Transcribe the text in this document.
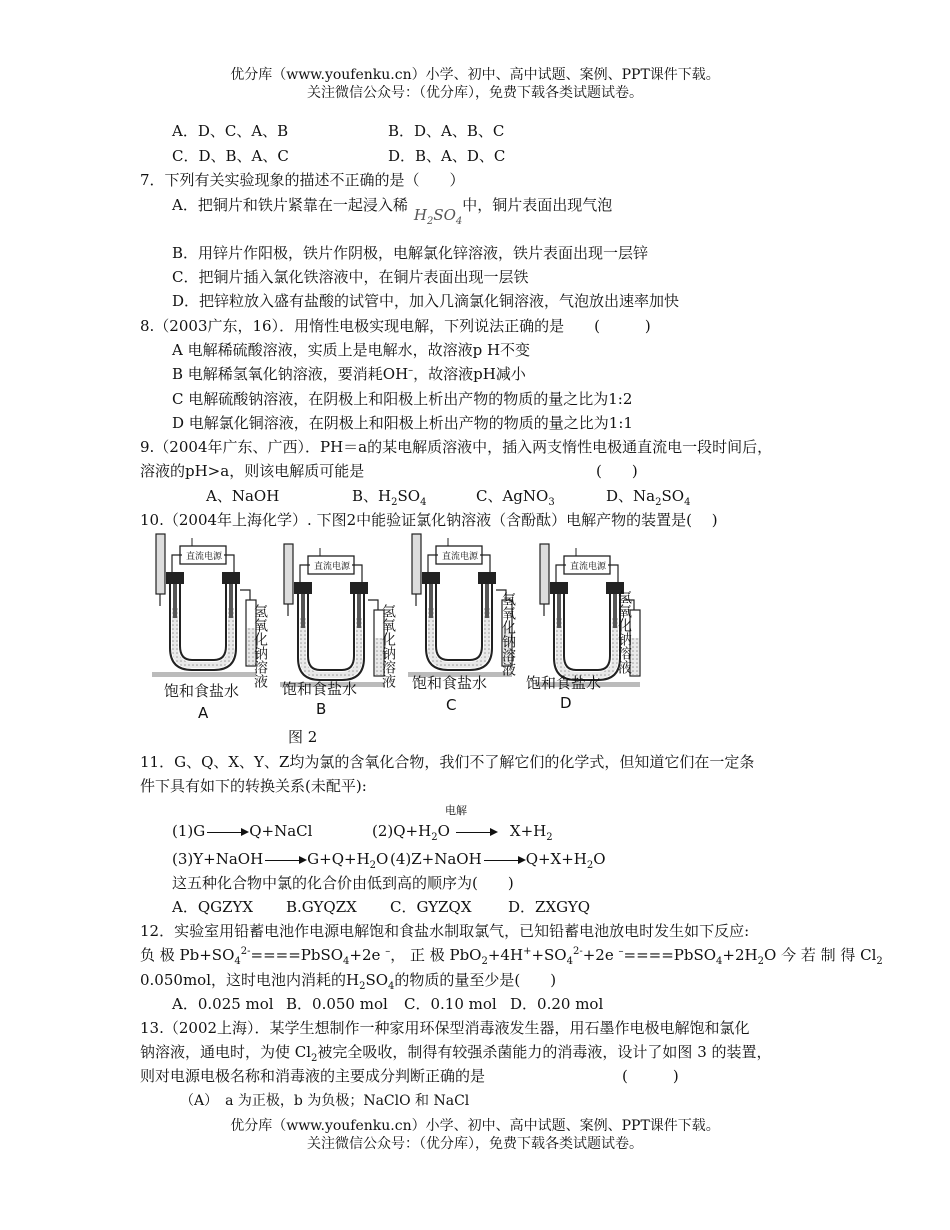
优分库（www.youfenku.cn）小学、初中、高中试题、案例、PPT课件下载。
关注微信公众号：（优分库），免费下载各类试题试卷。
A．D、C、A、B	B．D、A、B、C
C．D、B、A、C	D．B、A、D、C
7．下列有关实验现象的描述不正确的是（　　）
A．把铜片和铁片紧靠在一起浸入稀$H_2SO_4$中，铜片表面出现气泡
B．用锌片作阳极，铁片作阴极，电解氯化锌溶液，铁片表面出现一层锌
C．把铜片插入氯化铁溶液中，在铜片表面出现一层铁
D．把锌粒放入盛有盐酸的试管中，加入几滴氯化铜溶液，气泡放出速率加快
8.（2003广东，16）．用惰性电极实现电解，下列说法正确的是　　(　　　)
A 电解稀硫酸溶液，实质上是电解水，故溶液p H不变
B 电解稀氢氧化钠溶液，要消耗OH–，故溶液pH减小
C 电解硫酸钠溶液，在阴极上和阳极上析出产物的物质的量之比为1:2
D 电解氯化铜溶液，在阴极上和阳极上析出产物的物质的量之比为1:1
9.（2004年广东、广西）．PH＝a的某电解质溶液中，插入两支惰性电极通直流电一段时间后，
溶液的pH>a，则该电解质可能是	(　　)
A、NaOH	B、$H_2SO_4$	C、AgNO$_3$	D、$Na_2SO_4$
10.（2004年上海化学）. 下图2中能验证氯化钠溶液（含酚酞）电解产物的装置是(　 )
直流电源
直流电源
直流电源
直流电源
氢氧化钠溶液	氢氧化钠溶液	氢氧化钠溶液	氢氧化钠溶液
饱和食盐水	饱和食盐水	饱和食盐水	饱和食盐水
A	B	C	D
图 2
11．G、Q、X、Y、Z均为氯的含氧化合物，我们不了解它们的化学式，但知道它们在一定条
件下具有如下的转换关系(未配平):
(1)G	Q+NaCl	$(2)Q+H_2O$	$X+H_2$
电解
(3)Y+NaOH	$G+Q+H_2O$ (4)Z+NaOH	$Q+X+H_2O$
这五种化合物中氯的化合价由低到高的顺序为(　　)
A．QGZYX B.GYQZX C．GYZQX D．ZXGYQ
12．实验室用铅蓄电池作电源电解饱和食盐水制取氯气，已知铅蓄电池放电时发生如下反应:
负 极 $Pb+SO_4^{2-}====PbSO_4+2e$ –， 正 极 $PbO_2+4H^++SO_4^{2-}+2e$ $^-====PbSO_4+2H_2O$ 今 若 制 得 $Cl_2$
0.050mol，这时电池内消耗的$H_2SO_4$的物质的量至少是(　　)
A．0.025 mol B．0.050 mol C．0.10 mol D．0.20 mol
13.（2002上海）．某学生想制作一种家用环保型消毒液发生器，用石墨作电极电解饱和氯化
钠溶液，通电时，为使 $Cl_2$被完全吸收，制得有较强杀菌能力的消毒液，设计了如图 3 的装置，
则对电源电极名称和消毒液的主要成分判断正确的是	(　　　)
（A）　a 为正极，b 为负极；NaClO 和 NaCl
优分库（www.youfenku.cn）小学、初中、高中试题、案例、PPT课件下载。
关注微信公众号：（优分库），免费下载各类试题试卷。
